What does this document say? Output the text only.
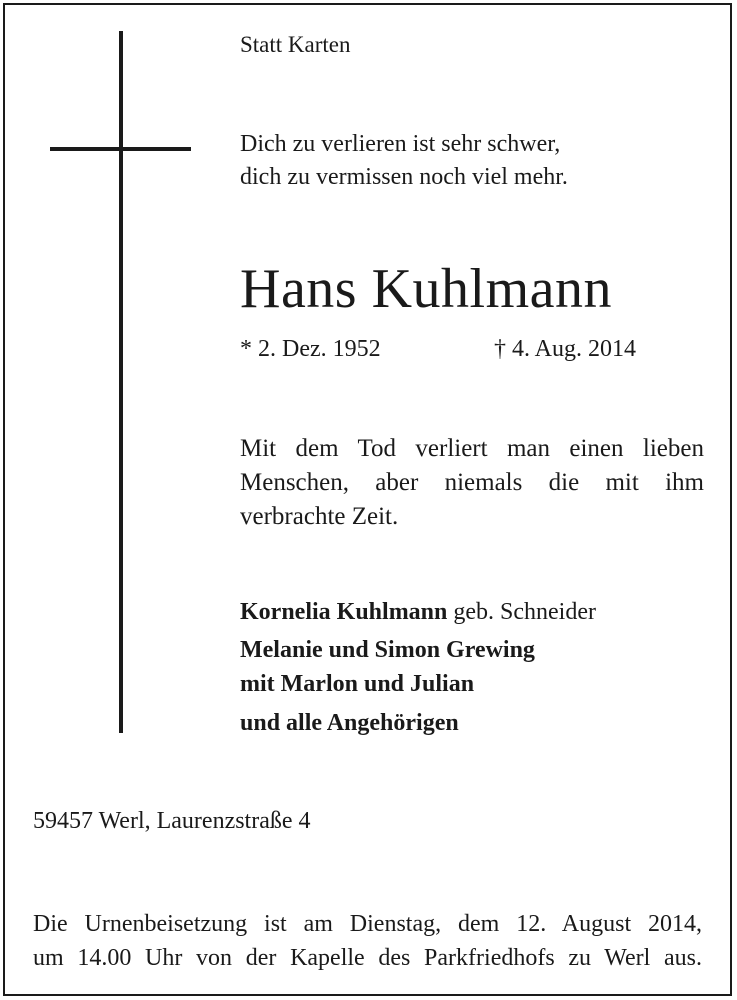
Statt Karten
Dich zu verlieren ist sehr schwer,
dich zu vermissen noch viel mehr.
Hans Kuhlmann
* 2. Dez. 1952	† 4. Aug. 2014
Mit dem Tod verliert man einen lieben
Menschen, aber niemals die mit ihm
verbrachte Zeit.
Kornelia Kuhlmann geb. Schneider
Melanie und Simon Grewing
mit Marlon und Julian
und alle Angehörigen
59457 Werl, Laurenzstraße 4
Die Urnenbeisetzung ist am Dienstag, dem 12. August 2014,
um 14.00 Uhr von der Kapelle des Parkfriedhofs zu Werl aus.
